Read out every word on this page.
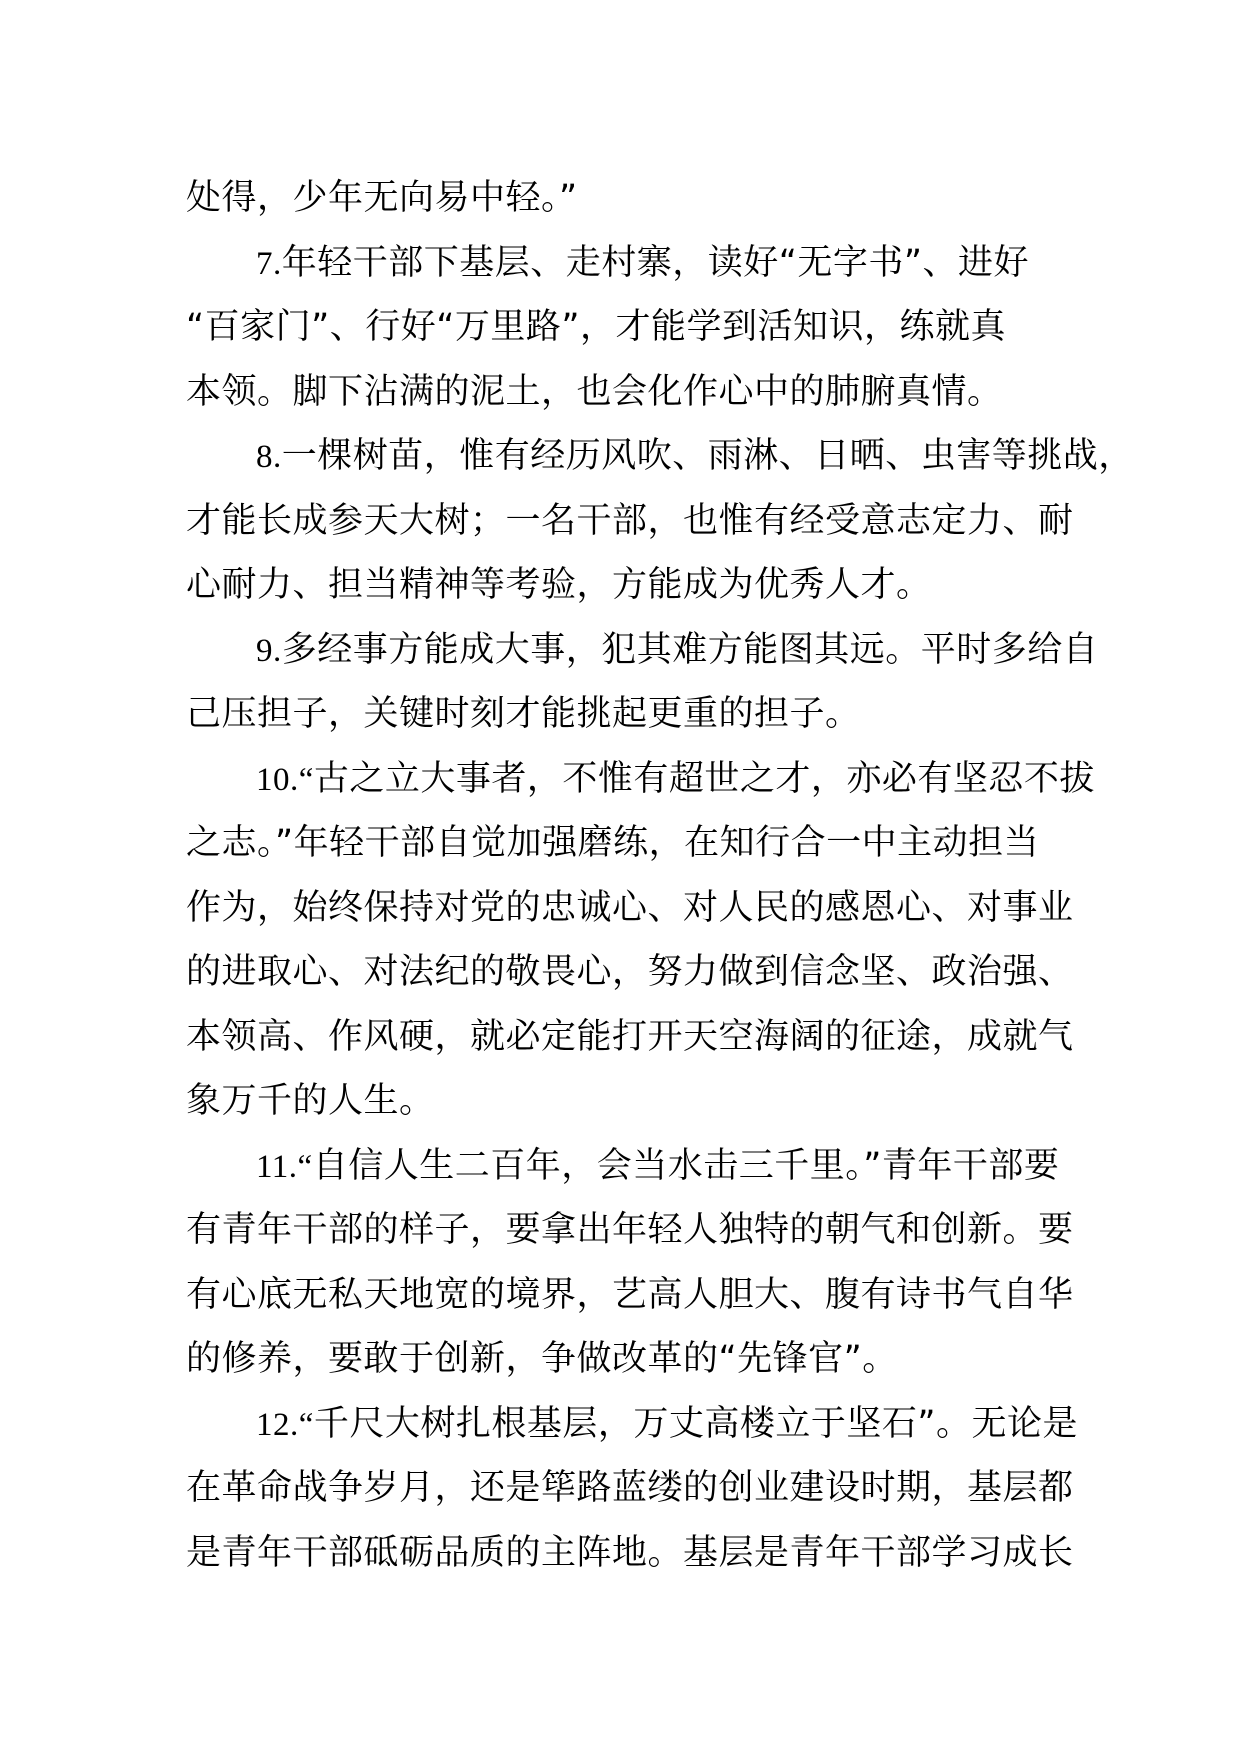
处得，少年无向易中轻。”
7.年轻干部下基层、走村寨，读好“无字书”、进好
“百家门”、行好“万里路”，才能学到活知识，练就真
本领。脚下沾满的泥土，也会化作心中的肺腑真情。
8.一棵树苗，惟有经历风吹、雨淋、日晒、虫害等挑战，
才能长成参天大树；一名干部，也惟有经受意志定力、耐
心耐力、担当精神等考验，方能成为优秀人才。
9.多经事方能成大事，犯其难方能图其远。平时多给自
己压担子，关键时刻才能挑起更重的担子。
10.“古之立大事者，不惟有超世之才，亦必有坚忍不拔
之志。”年轻干部自觉加强磨练，在知行合一中主动担当
作为，始终保持对党的忠诚心、对人民的感恩心、对事业
的进取心、对法纪的敬畏心，努力做到信念坚、政治强、
本领高、作风硬，就必定能打开天空海阔的征途，成就气
象万千的人生。
11.“自信人生二百年，会当水击三千里。”青年干部要
有青年干部的样子，要拿出年轻人独特的朝气和创新。要
有心底无私天地宽的境界，艺高人胆大、腹有诗书气自华
的修养，要敢于创新，争做改革的“先锋官”。
12.“千尺大树扎根基层，万丈高楼立于坚石”。无论是
在革命战争岁月，还是筚路蓝缕的创业建设时期，基层都
是青年干部砥砺品质的主阵地。基层是青年干部学习成长
